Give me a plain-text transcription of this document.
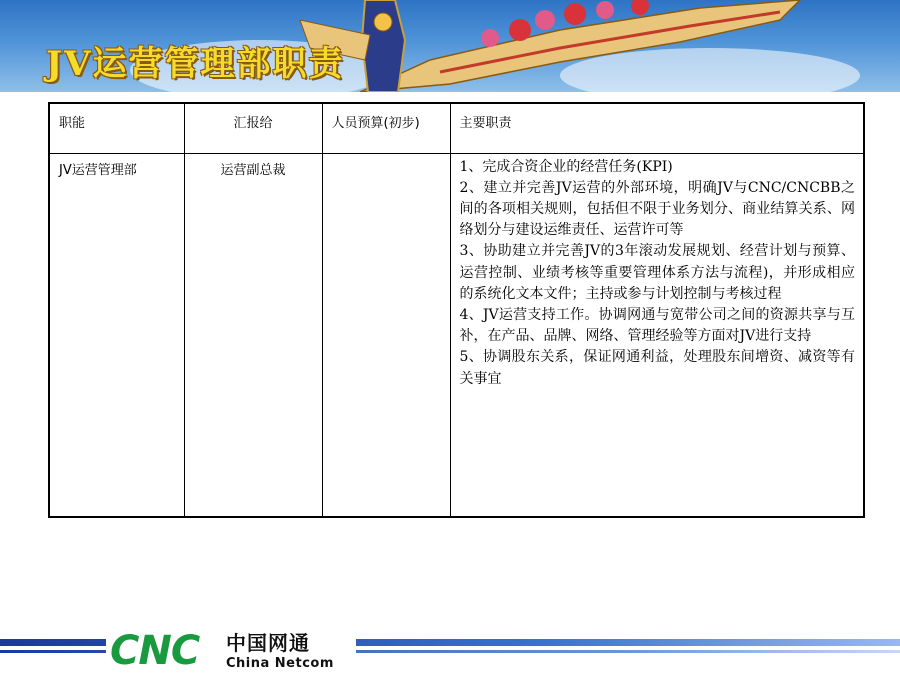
JV运营管理部职责
职能	汇报给	人员预算(初步)	主要职责
JV运营管理部	运营副总裁		1、完成合资企业的经营任务(KPI)

2、建立并完善JV运营的外部环境，明确JV与CNC/CNCBB之间的各项相关规则，包括但不限于业务划分、商业结算关系、网络划分与建设运维责任、运营许可等

3、协助建立并完善JV的3年滚动发展规划、经营计划与预算、运营控制、业绩考核等重要管理体系方法与流程)，并形成相应的系统化文本文件；主持或参与计划控制与考核过程

4、JV运营支持工作。协调网通与宽带公司之间的资源共享与互补，在产品、品牌、网络、管理经验等方面对JV进行支持

5、协调股东关系，保证网通利益，处理股东间增资、减资等有关事宜

CNC 中国网通
China Netcom
